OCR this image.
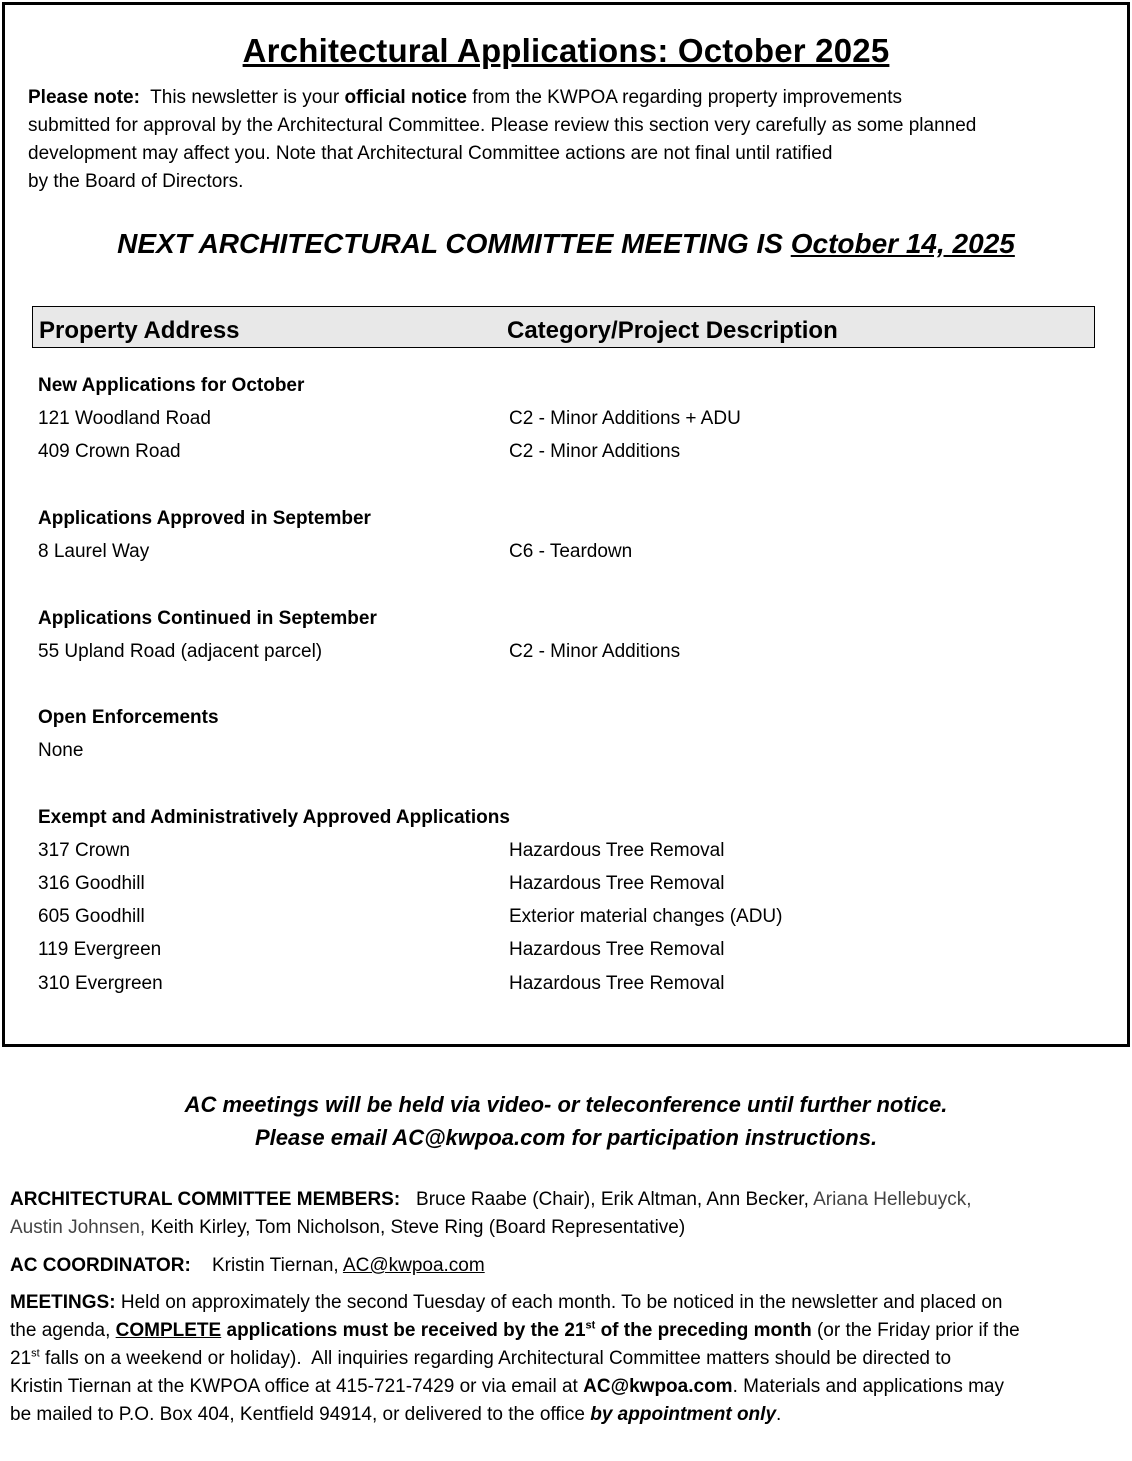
Architectural Applications: October 2025
Please note:  This newsletter is your official notice from the KWPOA regarding property improvements
submitted for approval by the Architectural Committee. Please review this section very carefully as some planned
development may affect you. Note that Architectural Committee actions are not final until ratified
by the Board of Directors.
NEXT ARCHITECTURAL COMMITTEE MEETING IS October 14, 2025
Property Address	Category/Project Description
New Applications for October
121 Woodland Road	C2 - Minor Additions + ADU
409 Crown Road	C2 - Minor Additions
Applications Approved in September
8 Laurel Way	C6 - Teardown
Applications Continued in September
55 Upland Road (adjacent parcel)	C2 - Minor Additions
Open Enforcements
None
Exempt and Administratively Approved Applications
317 Crown	Hazardous Tree Removal
316 Goodhill	Hazardous Tree Removal
605 Goodhill	Exterior material changes (ADU)
119 Evergreen	Hazardous Tree Removal
310 Evergreen	Hazardous Tree Removal
AC meetings will be held via video- or teleconference until further notice.
Please email AC@kwpoa.com for participation instructions.
ARCHITECTURAL COMMITTEE MEMBERS:   Bruce Raabe (Chair), Erik Altman, Ann Becker, Ariana Hellebuyck,
Austin Johnsen, Keith Kirley, Tom Nicholson, Steve Ring (Board Representative)
AC COORDINATOR:    Kristin Tiernan, AC@kwpoa.com
MEETINGS: Held on approximately the second Tuesday of each month. To be noticed in the newsletter and placed on
the agenda, COMPLETE applications must be received by the 21st of the preceding month (or the Friday prior if the
21st falls on a weekend or holiday).  All inquiries regarding Architectural Committee matters should be directed to
Kristin Tiernan at the KWPOA office at 415-721-7429 or via email at AC@kwpoa.com. Materials and applications may
be mailed to P.O. Box 404, Kentfield 94914, or delivered to the office by appointment only.
